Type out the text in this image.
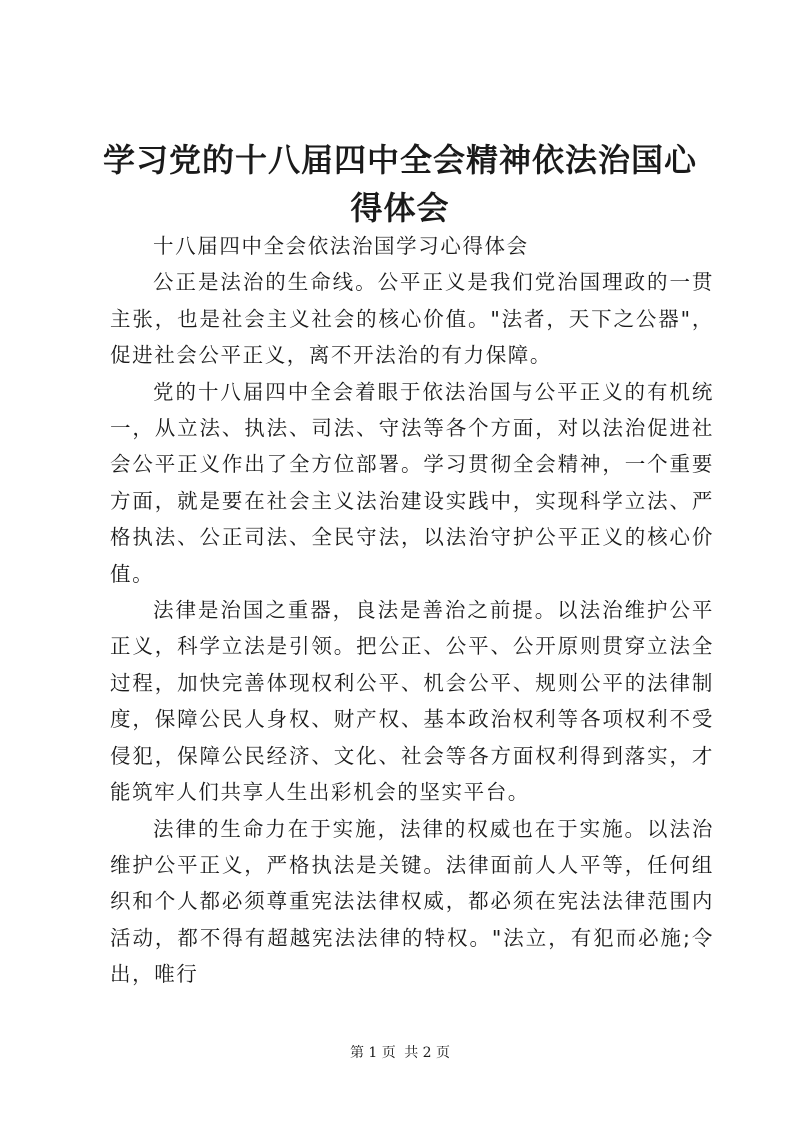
学习党的十八届四中全会精神依法治国心得体会

十八届四中全会依法治国学习心得体会

公正是法治的生命线。公平正义是我们党治国理政的一贯主张，也是社会主义社会的核心价值。"法者，天下之公器"，促进社会公平正义，离不开法治的有力保障。

党的十八届四中全会着眼于依法治国与公平正义的有机统一，从立法、执法、司法、守法等各个方面，对以法治促进社会公平正义作出了全方位部署。学习贯彻全会精神，一个重要方面，就是要在社会主义法治建设实践中，实现科学立法、严格执法、公正司法、全民守法，以法治守护公平正义的核心价值。

法律是治国之重器，良法是善治之前提。以法治维护公平正义，科学立法是引领。把公正、公平、公开原则贯穿立法全过程，加快完善体现权利公平、机会公平、规则公平的法律制度，保障公民人身权、财产权、基本政治权利等各项权利不受侵犯，保障公民经济、文化、社会等各方面权利得到落实，才能筑牢人们共享人生出彩机会的坚实平台。

法律的生命力在于实施，法律的权威也在于实施。以法治维护公平正义，严格执法是关键。法律面前人人平等，任何组织和个人都必须尊重宪法法律权威，都必须在宪法法律范围内活动，都不得有超越宪法法律的特权。"法立，有犯而必施;令出，唯行

第 1 页 共 2 页
